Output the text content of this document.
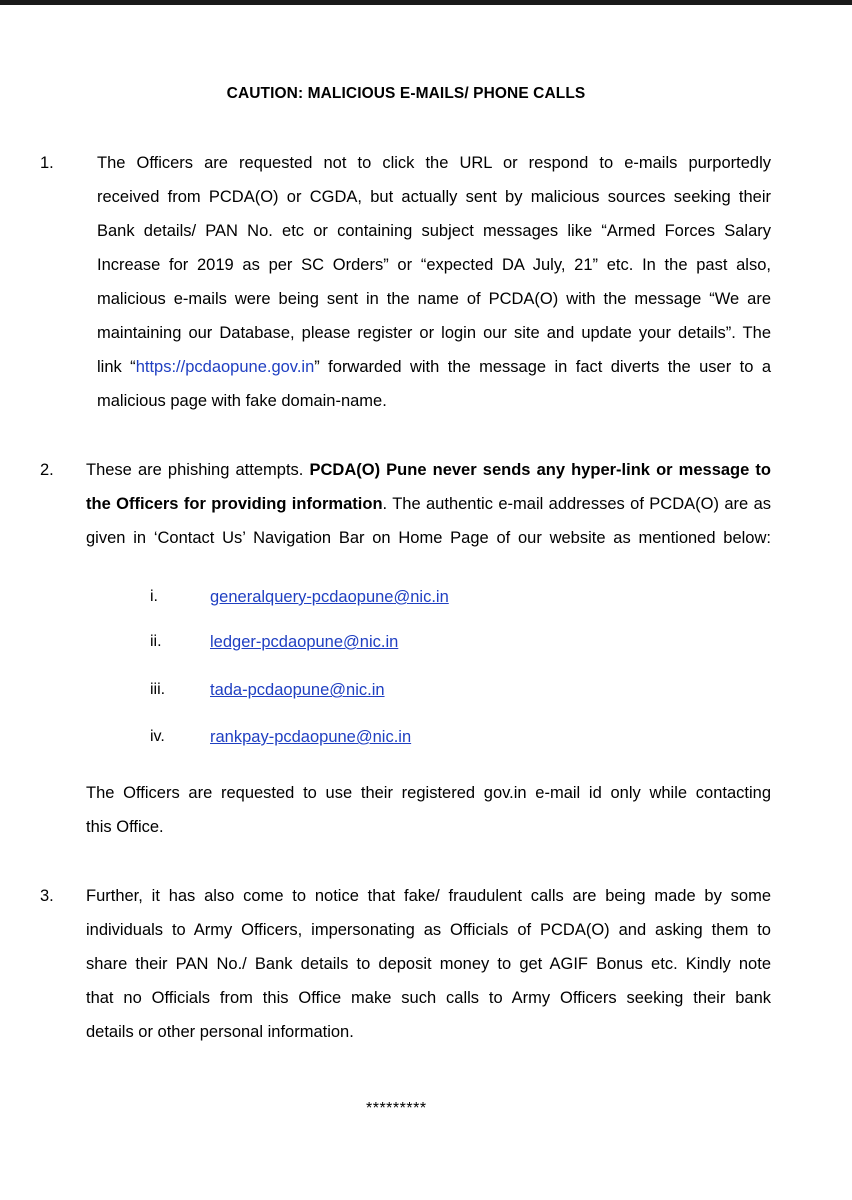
CAUTION: MALICIOUS E-MAILS/ PHONE CALLS
1.	The Officers are requested not to click the URL or respond to e-mails purportedly
received from PCDA(O) or CGDA, but actually sent by malicious sources seeking their
Bank details/ PAN No. etc or containing subject messages like “Armed Forces Salary
Increase for 2019 as per SC Orders” or “expected DA July, 21” etc. In the past also,
malicious e-mails were being sent in the name of PCDA(O) with the message “We are
maintaining our Database, please register or login our site and update your details”. The
link “https://pcdaopune.gov.in” forwarded with the message in fact diverts the user to a
malicious page with fake domain-name.
2. These are phishing attempts. PCDA(O) Pune never sends any hyper-link or message to
the Officers for providing information. The authentic e-mail addresses of PCDA(O) are as
given in ‘Contact Us’ Navigation Bar on Home Page of our website as mentioned below:
i.	generalquery-pcdaopune@nic.in
ii.	ledger-pcdaopune@nic.in
iii.	tada-pcdaopune@nic.in
iv.	rankpay-pcdaopune@nic.in
The Officers are requested to use their registered gov.in e-mail id only while contacting
this Office.
3. Further, it has also come to notice that fake/ fraudulent calls are being made by some
individuals to Army Officers, impersonating as Officials of PCDA(O) and asking them to
share their PAN No./ Bank details to deposit money to get AGIF Bonus etc. Kindly note
that no Officials from this Office make such calls to Army Officers seeking their bank
details or other personal information.
*********
